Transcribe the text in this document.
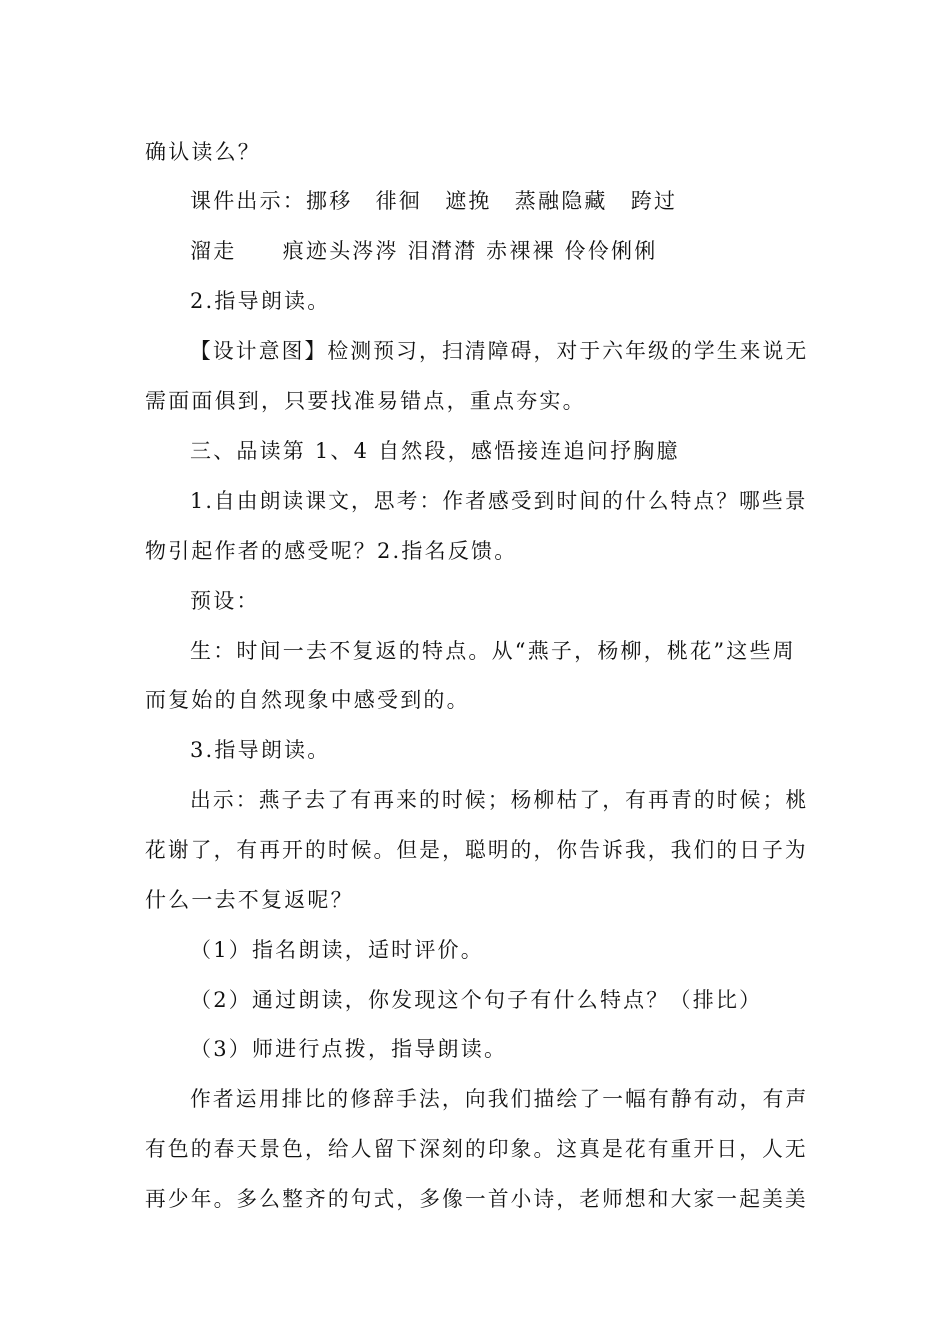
确认读么？
课件出示：挪移　徘徊　遮挽　蒸融隐藏　跨过
溜走　　痕迹头涔涔 泪潸潸 赤裸裸 伶伶俐俐
2.指导朗读。
【设计意图】检测预习，扫清障碍，对于六年级的学生来说无
需面面俱到，只要找准易错点，重点夯实。
三、品读第 1、4 自然段，感悟接连追问抒胸臆
1.自由朗读课文，思考：作者感受到时间的什么特点？哪些景
物引起作者的感受呢？2.指名反馈。
预设：
生：时间一去不复返的特点。从“燕子，杨柳，桃花”这些周
而复始的自然现象中感受到的。
3.指导朗读。
出示：燕子去了有再来的时候；杨柳枯了，有再青的时候；桃
花谢了，有再开的时候。但是，聪明的，你告诉我，我们的日子为
什么一去不复返呢？
（1）指名朗读，适时评价。
（2）通过朗读，你发现这个句子有什么特点？（排比）
（3）师进行点拨，指导朗读。
作者运用排比的修辞手法，向我们描绘了一幅有静有动，有声
有色的春天景色，给人留下深刻的印象。这真是花有重开日，人无
再少年。多么整齐的句式，多像一首小诗，老师想和大家一起美美
